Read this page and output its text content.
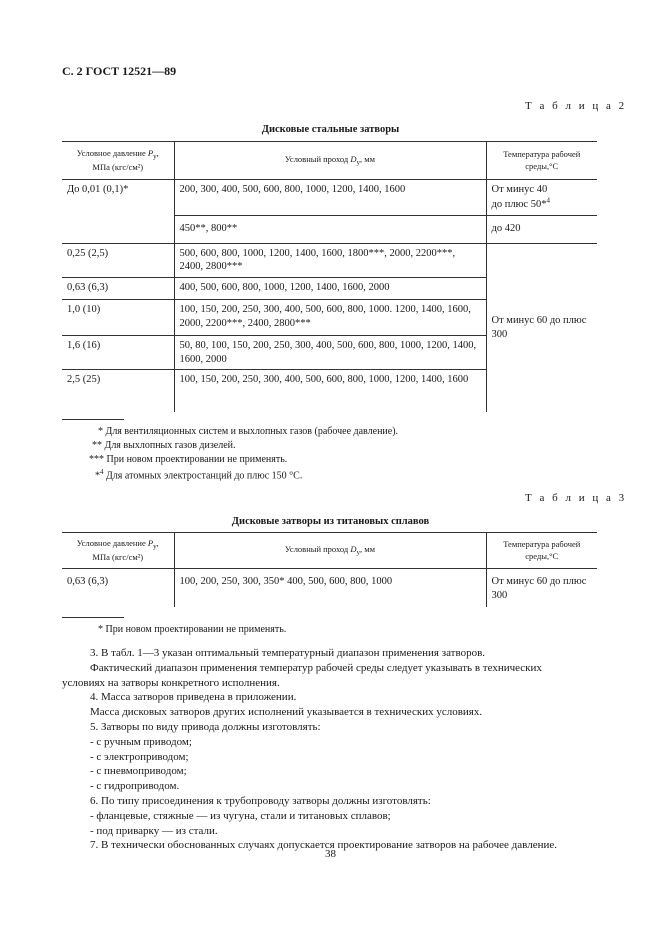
С. 2 ГОСТ 12521—89
Т а б л и ц а 2
Дисковые стальные затворы
Условное давление $P_у$,
МПа (кгс/см²)	Условный проход $D_у$, мм	Температура рабочей
среды,°С
До 0,01 (0,1)*	200, 300, 400, 500, 600, 800, 1000, 1200, 1400, 1600	От минус 40
до плюс 50*$^4$
	450**, 800**	до 420
0,25 (2,5)	500, 600, 800, 1000, 1200, 1400, 1600, 1800***, 2000, 2200***, 2400, 2800***	От минус 60 до плюс 300
0,63 (6,3)	400, 500, 600, 800, 1000, 1200, 1400, 1600, 2000	
1,0 (10)	100, 150, 200, 250, 300, 400, 500, 600, 800, 1000. 1200, 1400, 1600, 2000, 2200***, 2400, 2800***	
1,6 (16)	50, 80, 100, 150, 200, 250, 300, 400, 500, 600, 800, 1000, 1200, 1400, 1600, 2000	
2,5 (25)	100, 150, 200, 250, 300, 400, 500, 600, 800, 1000, 1200, 1400, 1600	
* Для вентиляционных систем и выхлопных газов (рабочее давление).
** Для выхлопных газов дизелей.
*** При новом проектировании не применять.
*$^4$ Для атомных электростанций до плюс 150 °С.
Т а б л и ц а 3
Дисковые затворы из титановых сплавов
Условное давление $P_у$,
МПа (кгс/см²)	Условный проход $D_у$, мм	Температура рабочей
среды,°С
0,63 (6,3)	100, 200, 250, 300, 350* 400, 500, 600, 800, 1000	От минус 60 до плюс 300
* При новом проектировании не применять.

3. В табл. 1—3 указан оптимальный температурный диапазон применения затворов.

Фактический диапазон применения температур рабочей среды следует указывать в технических

условиях на затворы конкретного исполнения.

4. Масса затворов приведена в приложении.

Масса дисковых затворов других исполнений указывается в технических условиях.

5. Затворы по виду привода должны изготовлять:

- с ручным приводом;

- с электроприводом;

- с пневмоприводом;

- с гидроприводом.

6. По типу присоединения к трубопроводу затворы должны изготовлять:

- фланцевые, стяжные — из чугуна, стали и титановых сплавов;

- под приварку — из стали.

7. В технически обоснованных случаях допускается проектирование затворов на рабочее давление.

38
